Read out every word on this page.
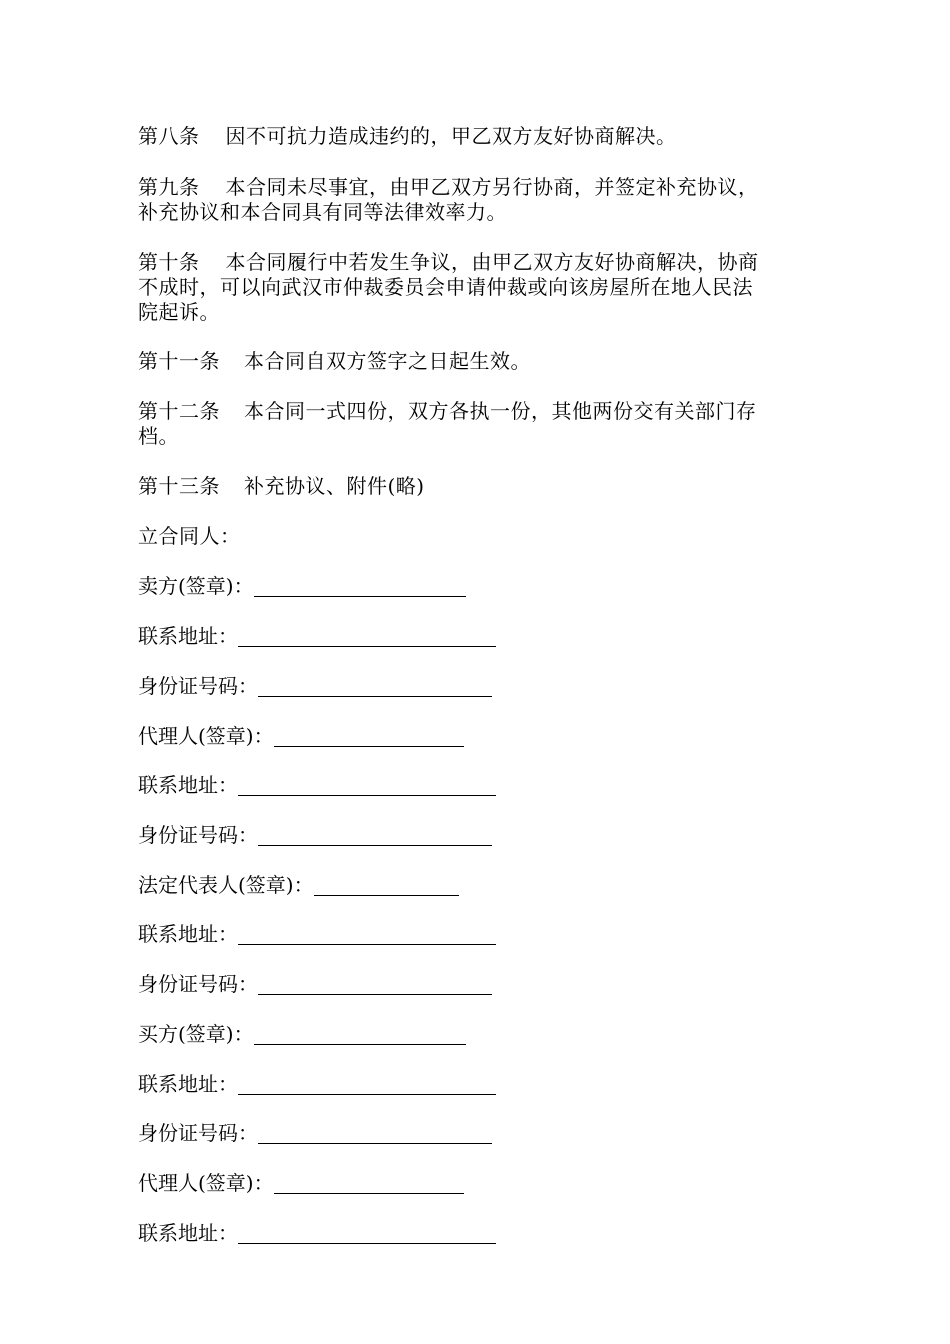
第八条 因不可抗力造成违约的，甲乙双方友好协商解决。
第九条 本合同未尽事宜，由甲乙双方另行协商，并签定补充协议，
补充协议和本合同具有同等法律效率力。
第十条 本合同履行中若发生争议，由甲乙双方友好协商解决，协商
不成时，可以向武汉市仲裁委员会申请仲裁或向该房屋所在地人民法
院起诉。
第十一条 本合同自双方签字之日起生效。
第十二条 本合同一式四份，双方各执一份，其他两份交有关部门存
档。
第十三条 补充协议、附件(略)
立合同人：
卖方(签章)：
联系地址：
身份证号码：
代理人(签章)：
联系地址：
身份证号码：
法定代表人(签章)：
联系地址：
身份证号码：
买方(签章)：
联系地址：
身份证号码：
代理人(签章)：
联系地址：
